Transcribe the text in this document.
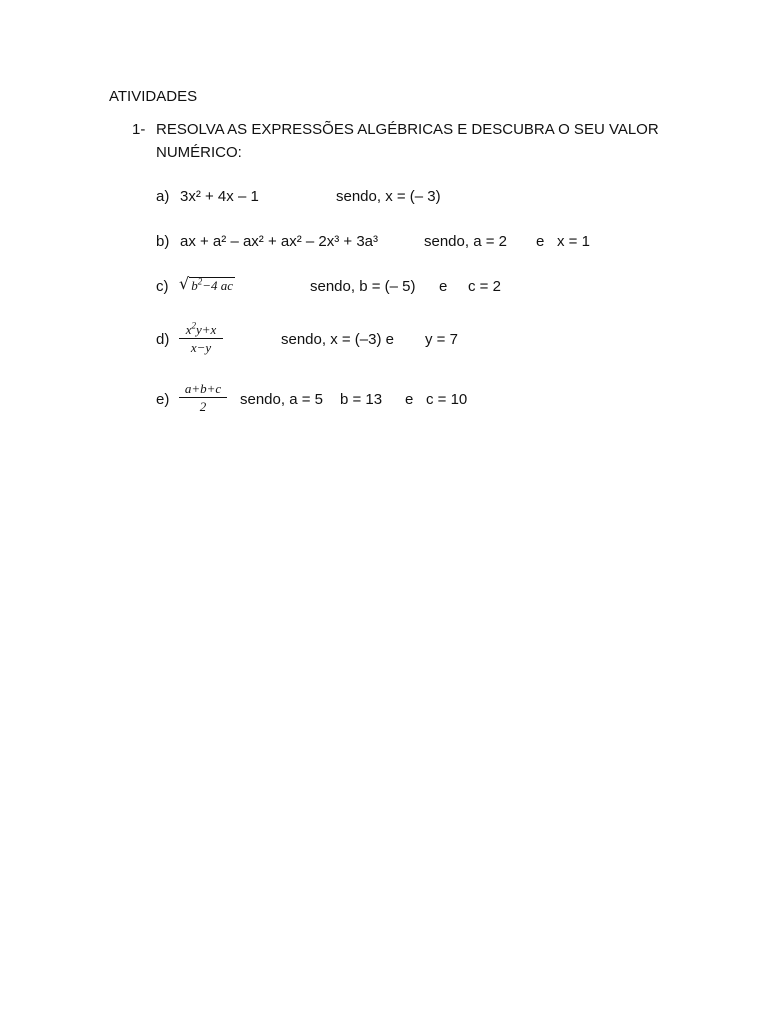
ATIVIDADES
1- RESOLVA AS EXPRESSÕES ALGÉBRICAS E DESCUBRA O SEU VALOR
NUMÉRICO:
a) 3x² + 4x – 1	sendo, x = (– 3)
b) ax + a² – ax² + ax² – 2x³ + 3a³	sendo, a = 2 e x = 1
c) √ $b^2-4$ ac	sendo, b = (– 5) e c = 2
d)
$x^2y+x$
x−y	sendo, x = (–3) e y = 7
e)
a+b+c
2	sendo, a = 5 b = 13 e c = 10
